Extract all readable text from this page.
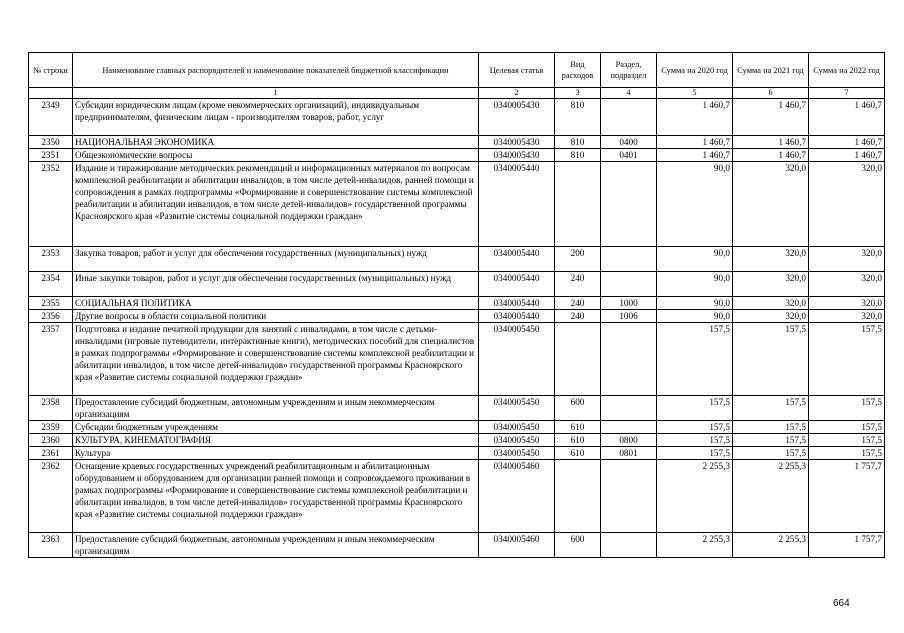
№ строки	Наименование главных распорядителей и наименование показателей бюджетной классификации	Целевая статья	Вид расходов	Раздел, подраздел	Сумма на 2020 год	Сумма на 2021 год	Сумма на 2022 год
	1	2	3	4	5	6	7
2349	Субсидии юридическим лицам (кроме некоммерческих организаций), индивидуальным предпринимателям, физическим лицам - производителям товаров, работ, услуг	0340005430	810		1 460,7	1 460,7	1 460,7
2350	НАЦИОНАЛЬНАЯ ЭКОНОМИКА	0340005430	810	0400	1 460,7	1 460,7	1 460,7
2351	Общеэкономические вопросы	0340005430	810	0401	1 460,7	1 460,7	1 460,7
2352	Издание и тиражирование методических рекомендаций и информационных материалов по вопросам комплексной реабилитации и абилитации инвалидов, в том числе детей-инвалидов, ранней помощи и сопровождения в рамках подпрограммы «Формирование и совершенствование системы комплексной реабилитации и абилитации инвалидов, в том числе детей-инвалидов» государственной программы Красноярского края «Развитие системы социальной поддержки граждан»	0340005440			90,0	320,0	320,0
2353	Закупка товаров, работ и услуг для обеспечения государственных (муниципальных) нужд	0340005440	200		90,0	320,0	320,0
2354	Иные закупки товаров, работ и услуг для обеспечения государственных (муниципальных) нужд	0340005440	240		90,0	320,0	320,0
2355	СОЦИАЛЬНАЯ ПОЛИТИКА	0340005440	240	1000	90,0	320,0	320,0
2356	Другие вопросы в области социальной политики	0340005440	240	1006	90,0	320,0	320,0
2357	Подготовка и издание печатной продукции для занятий с инвалидами, в том числе с детьми-инвалидами (игровые путеводители, интерактивные книги), методических пособий для специалистов в рамках подпрограммы «Формирование и совершенствование системы комплексной реабилитации и абилитации инвалидов, в том числе детей-инвалидов» государственной программы Красноярского края «Развитие системы социальной поддержки граждан»	0340005450			157,5	157,5	157,5
2358	Предоставление субсидий бюджетным, автономным учреждениям и иным некоммерческим организациям	0340005450	600		157,5	157,5	157,5
2359	Субсидии бюджетным учреждениям	0340005450	610		157,5	157,5	157,5
2360	КУЛЬТУРА, КИНЕМАТОГРАФИЯ	0340005450	610	0800	157,5	157,5	157,5
2361	Культура	0340005450	610	0801	157,5	157,5	157,5
2362	Оснащение краевых государственных учреждений реабилитационным и абилитационным оборудованием и оборудованием для организации ранней помощи и сопровождаемого проживания в рамках подпрограммы «Формирование и совершенствование системы комплексной реабилитации и абилитации инвалидов, в том числе детей-инвалидов» государственной программы Красноярского края «Развитие системы социальной поддержки граждан»	0340005460			2 255,3	2 255,3	1 757,7
2363	Предоставление субсидий бюджетным, автономным учреждениям и иным некоммерческим организациям	0340005460	600		2 255,3	2 255,3	1 757,7
664
